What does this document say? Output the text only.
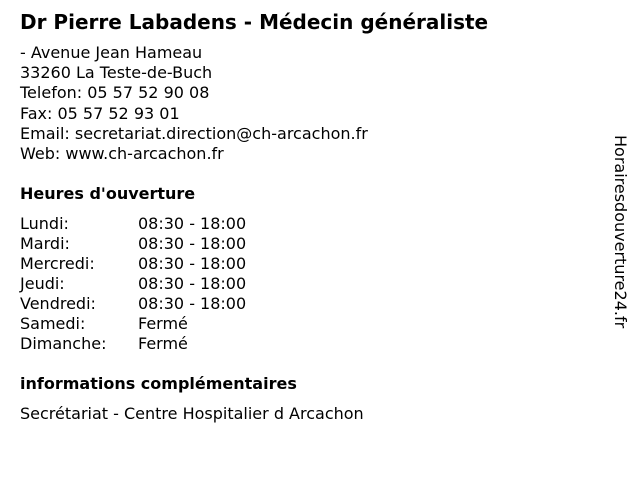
Dr Pierre Labadens - Médecin généraliste
- Avenue Jean Hameau
33260 La Teste-de-Buch
Telefon: 05 57 52 90 08
Fax: 05 57 52 93 01
Email: secretariat.direction@ch-arcachon.fr
Web: www.ch-arcachon.fr
Heures d'ouverture
Lundi:	08:30 - 18:00
Mardi:	08:30 - 18:00
Mercredi:	08:30 - 18:00
Jeudi:	08:30 - 18:00
Vendredi:	08:30 - 18:00
Samedi:	Fermé
Dimanche:	Fermé
informations complémentaires
Secrétariat - Centre Hospitalier d Arcachon
Horairesdouverture24.fr
